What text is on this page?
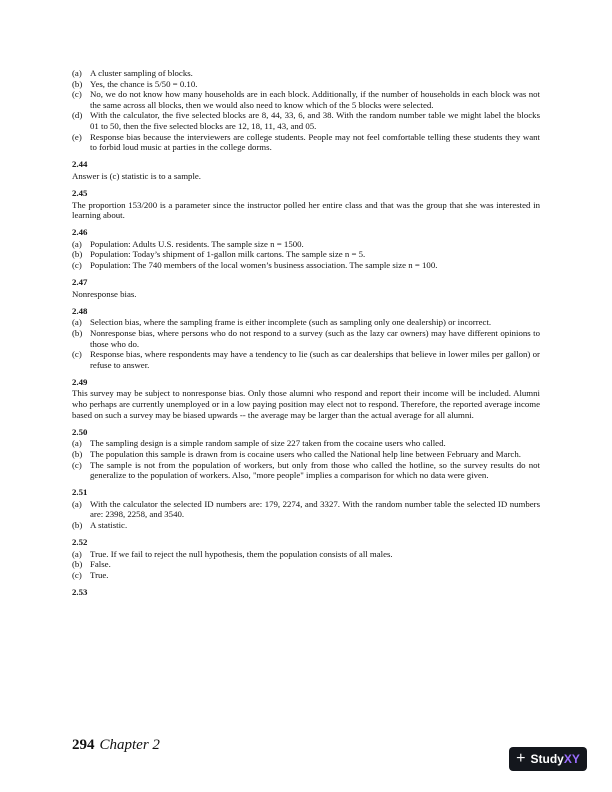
(a) A cluster sampling of blocks.
(b) Yes, the chance is 5/50 = 0.10.
(c) No, we do not know how many households are in each block. Additionally, if the number of households in each block was not the same across all blocks, then we would also need to know which of the 5 blocks were selected.
(d) With the calculator, the five selected blocks are 8, 44, 33, 6, and 38. With the random number table we might label the blocks 01 to 50, then the five selected blocks are 12, 18, 11, 43, and 05.
(e) Response bias because the interviewers are college students. People may not feel comfortable telling these students they want to forbid loud music at parties in the college dorms.
2.44
Answer is (c) statistic is to a sample.
2.45
The proportion 153/200 is a parameter since the instructor polled her entire class and that was the group that she was interested in learning about.
2.46
(a) Population: Adults U.S. residents. The sample size n = 1500.
(b) Population: Today’s shipment of 1-gallon milk cartons. The sample size n = 5.
(c) Population: The 740 members of the local women’s business association. The sample size n = 100.
2.47
Nonresponse bias.
2.48
(a) Selection bias, where the sampling frame is either incomplete (such as sampling only one dealership) or incorrect.
(b) Nonresponse bias, where persons who do not respond to a survey (such as the lazy car owners) may have different opinions to those who do.
(c) Response bias, where respondents may have a tendency to lie (such as car dealerships that believe in lower miles per gallon) or refuse to answer.
2.49
This survey may be subject to nonresponse bias. Only those alumni who respond and report their income will be included. Alumni who perhaps are currently unemployed or in a low paying position may elect not to respond. Therefore, the reported average income based on such a survey may be biased upwards -- the average may be larger than the actual average for all alumni.
2.50
(a) The sampling design is a simple random sample of size 227 taken from the cocaine users who called.
(b) The population this sample is drawn from is cocaine users who called the National help line between February and March.
(c) The sample is not from the population of workers, but only from those who called the hotline, so the survey results do not generalize to the population of workers. Also, "more people" implies a comparison for which no data were given.
2.51
(a) With the calculator the selected ID numbers are: 179, 2274, and 3327. With the random number table the selected ID numbers are: 2398, 2258, and 3540.
(b) A statistic.
2.52
(a) True. If we fail to reject the null hypothesis, them the population consists of all males.
(b) False.
(c) True.
2.53
294 Chapter 2
+ StudyXY
